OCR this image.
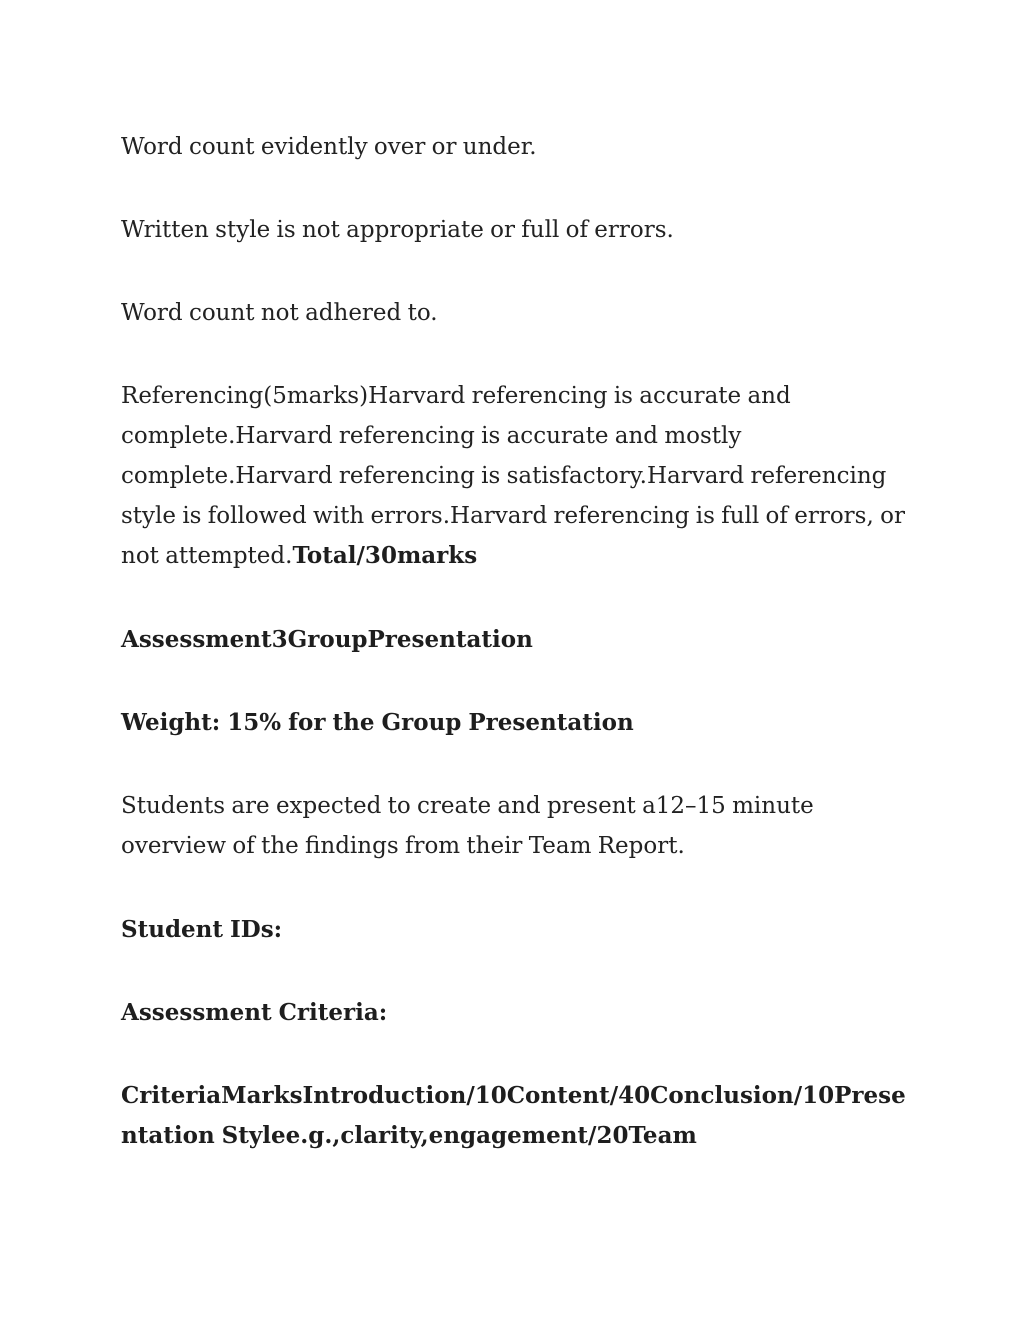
Word count evidently over or under.

Written style is not appropriate or full of errors.

Word count not adhered to.

Referencing(5marks)Harvard referencing is accurate and complete.Harvard referencing is accurate and mostly complete.Harvard referencing is satisfactory.Harvard referencing style is followed with errors.Harvard referencing is full of errors, or not attempted.Total/30marks

Assessment3GroupPresentation

Weight: 15% for the Group Presentation

Students are expected to create and present a12–15 minute overview of the findings from their Team Report.

Student IDs:

Assessment Criteria:

CriteriaMarksIntroduction/10Content/40Conclusion/10Presentation Stylee.g.,clarity,engagement/20Team
